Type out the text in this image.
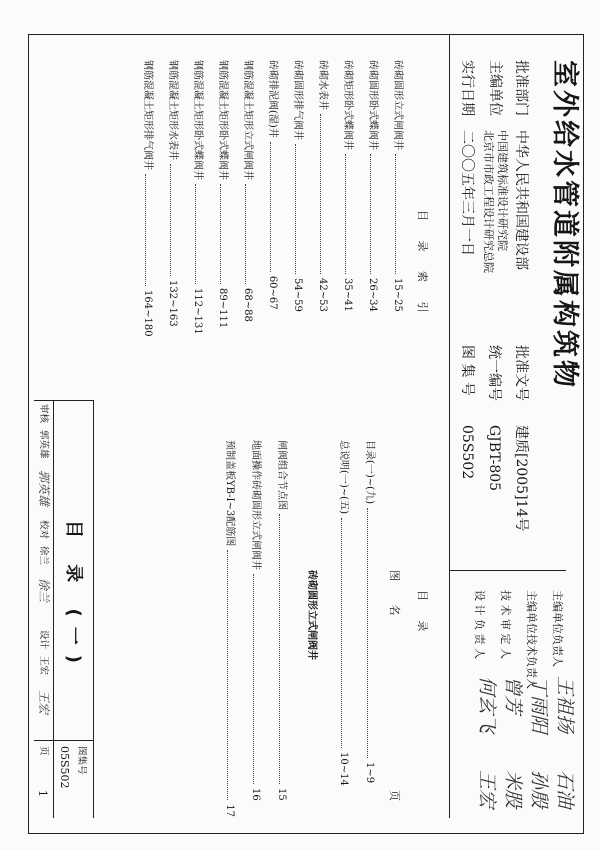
室外给水管道附属构筑物
批准部门
中华人民共和国建设部
主编单位
中国建筑标准设计研究院
北京市市政工程设计研究总院
实行日期
二〇〇五年三月一日
批准文号
建质[2005]14号
统一编号
GJBT-805
图 集 号
05S502
主编单位负责人
王祖扬
主编单位技术负责人
丁雨阳
技 术 审 定 人
曾芳
设 计 负 责 人
何玄飞
石油
孙殷
米股
王宏
目 录 索 引
砖砌圆形立式闸阀井15~25
砖砌圆形卧式蝶阀井26~34
砖砌矩形卧式蝶阀井35~41
砖砌水表井42~53
砖砌圆形排气阀井54~59
砖砌排泥阀(湿)井60~67
钢筋混凝土矩形立式闸阀井68~88
钢筋混凝土矩形卧式蝶阀井89~111
钢筋混凝土矩形卧式蝶阀井112~131
钢筋混凝土矩形水表井132~163
钢筋混凝土矩形排气阀井164~180
目 录
图 名
页
目录(一)~(九)1~9
总说明(一)~(五)10~14
砖砌圆形立式闸阀井
闸阀组合节点图15
地面操作砖砌圆形立式闸阀井16
预制盖板YB-I~3配筋图17
目 录 (一)
图集号
05S502
审核
郭英雄
郭英雄
校对
徐兰
徐兰
设计
王宏
王宏
页
1
